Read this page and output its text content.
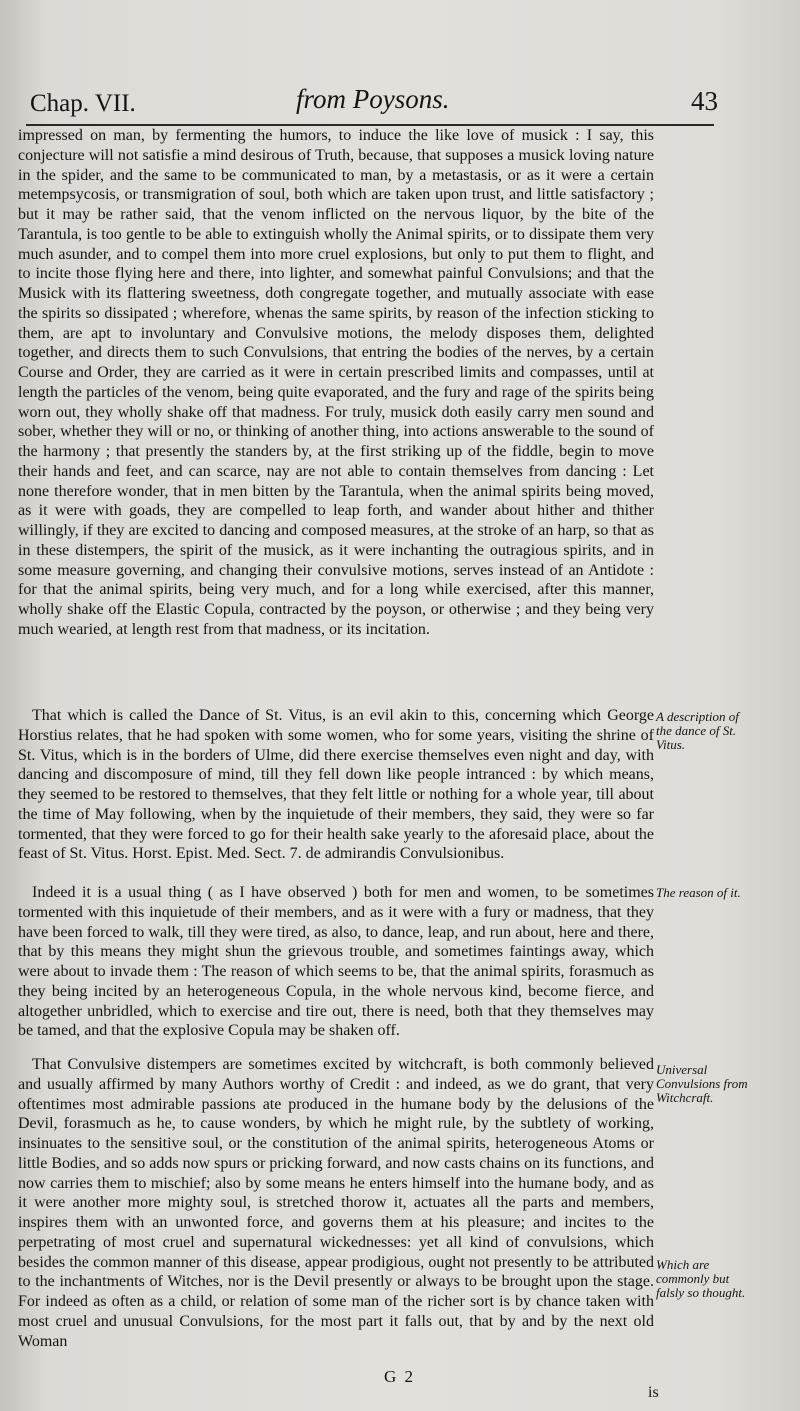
Chap. VII.	from Poysons.	43

impressed on man, by fermenting the humors, to induce the like love of musick : I say, this conjecture will not satisfie a mind desirous of Truth, because, that supposes a musick loving nature in the spider, and the same to be communicated to man, by a metastasis, or as it were a certain metempsycosis, or transmigration of soul, both which are taken upon trust, and little satisfactory ; but it may be rather said, that the venom inflicted on the nervous liquor, by the bite of the Tarantula, is too gentle to be able to extinguish wholly the Animal spirits, or to dissipate them very much asunder, and to compel them into more cruel explosions, but only to put them to flight, and to incite those flying here and there, into lighter, and somewhat painful Convulsions; and that the Musick with its flattering sweetness, doth congregate together, and mutually associate with ease the spirits so dissipated ; wherefore, whenas the same spirits, by reason of the infection sticking to them, are apt to involuntary and Convulsive motions, the melody disposes them, delighted together, and directs them to such Convulsions, that entring the bodies of the nerves, by a certain Course and Order, they are carried as it were in certain prescribed limits and compasses, until at length the particles of the venom, being quite evaporated, and the fury and rage of the spirits being worn out, they wholly shake off that madness. For truly, musick doth easily carry men sound and sober, whether they will or no, or thinking of another thing, into actions answerable to the sound of the harmony ; that presently the standers by, at the first striking up of the fiddle, begin to move their hands and feet, and can scarce, nay are not able to contain themselves from dancing : Let none therefore wonder, that in men bitten by the Tarantula, when the animal spirits being moved, as it were with goads, they are compelled to leap forth, and wander about hither and thither willingly, if they are excited to dancing and composed measures, at the stroke of an harp, so that as in these distempers, the spirit of the musick, as it were inchanting the outragious spirits, and in some measure governing, and changing their convulsive motions, serves instead of an Antidote : for that the animal spirits, being very much, and for a long while exercised, after this manner, wholly shake off the Elastic Copula, contracted by the poyson, or otherwise ; and they being very much wearied, at length rest from that madness, or its incitation.

That which is called the Dance of St. Vitus, is an evil akin to this, concerning which George Horstius relates, that he had spoken with some women, who for some years, visiting the shrine of St. Vitus, which is in the borders of Ulme, did there exercise themselves even night and day, with dancing and discomposure of mind, till they fell down like people intranced : by which means, they seemed to be restored to themselves, that they felt little or nothing for a whole year, till about the time of May following, when by the inquietude of their members, they said, they were so far tormented, that they were forced to go for their health sake yearly to the aforesaid place, about the feast of St. Vitus. Horst. Epist. Med. Sect. 7. de admirandis Convulsionibus.

Indeed it is a usual thing ( as I have observed ) both for men and women, to be sometimes tormented with this inquietude of their members, and as it were with a fury or madness, that they have been forced to walk, till they were tired, as also, to dance, leap, and run about, here and there, that by this means they might shun the grievous trouble, and sometimes faintings away, which were about to invade them : The reason of which seems to be, that the animal spirits, forasmuch as they being incited by an heterogeneous Copula, in the whole nervous kind, become fierce, and altogether unbridled, which to exercise and tire out, there is need, both that they themselves may be tamed, and that the explosive Copula may be shaken off.

That Convulsive distempers are sometimes excited by witchcraft, is both commonly believed and usually affirmed by many Authors worthy of Credit : and indeed, as we do grant, that very oftentimes most admirable passions ate produced in the humane body by the delusions of the Devil, forasmuch as he, to cause wonders, by which he might rule, by the subtlety of working, insinuates to the sensitive soul, or the constitution of the animal spirits, heterogeneous Atoms or little Bodies, and so adds now spurs or pricking forward, and now casts chains on its functions, and now carries them to mischief; also by some means he enters himself into the humane body, and as it were another more mighty soul, is stretched thorow it, actuates all the parts and members, inspires them with an unwonted force, and governs them at his pleasure; and incites to the perpetrating of most cruel and supernatural wickednesses: yet all kind of convulsions, which besides the common manner of this disease, appear prodigious, ought not presently to be attributed to the inchantments of Witches, nor is the Devil presently or always to be brought upon the stage. For indeed as often as a child, or relation of some man of the richer sort is by chance taken with most cruel and unusual Convulsions, for the most part it falls out, that by and by the next old Woman

A description of the dance of St. Vitus.
The reason of it.
Universal Convulsions from Witchcraft.
Which are commonly but falsly so thought.
G 2
is
